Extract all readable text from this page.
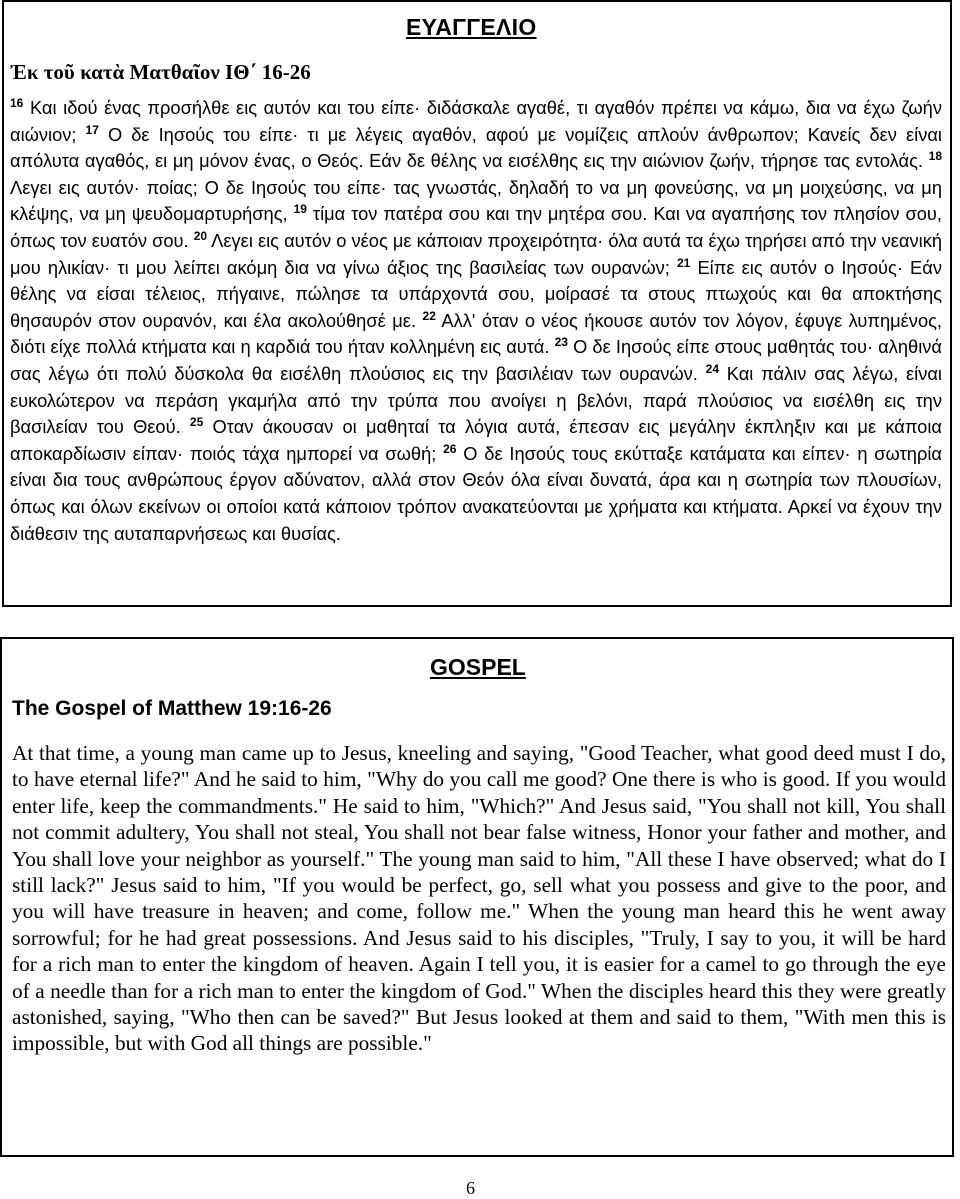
ΕΥΑΓΓΕΛΙΟ
Ἐκ τοῦ κατὰ Ματθαῖον ΙΘ΄ 16-26
$^{16}$ Και ιδού ένας προσήλθε εις αυτόν και του είπε· διδάσκαλε αγαθέ, τι αγαθόν πρέπει να κάμω, δια να έχω ζωήν αιώνιον; $^{17}$ Ο δε Ιησούς του είπε· τι με λέγεις αγαθόν, αφού με νομίζεις απλούν άνθρωπον; Κανείς δεν είναι απόλυτα αγαθός, ει μη μόνον ένας, ο Θεός. Εάν δε θέλης να εισέλθης εις την αιώνιον ζωήν, τήρησε τας εντολάς. $^{18}$ Λεγει εις αυτόν· ποίας; Ο δε Ιησούς του είπε· τας γνωστάς, δηλαδή το να μη φονεύσης, να μη μοιχεύσης, να μη κλέψης, να μη ψευδομαρτυρήσης, $^{19}$ τίμα τον πατέρα σου και την μητέρα σου. Και να αγαπήσης τον πλησίον σου, όπως τον ευατόν σου. $^{20}$ Λεγει εις αυτόν ο νέος με κάποιαν προχειρότητα· όλα αυτά τα έχω τηρήσει από την νεανική μου ηλικίαν· τι μου λείπει ακόμη δια να γίνω άξιος της βασιλείας των ουρανών; $^{21}$ Είπε εις αυτόν ο Ιησούς· Εάν θέλης να είσαι τέλειος, πήγαινε, πώλησε τα υπάρχοντά σου, μοίρασέ τα στους πτωχούς και θα αποκτήσης θησαυρόν στον ουρανόν, και έλα ακολούθησέ με. $^{22}$ Αλλ' όταν ο νέος ήκουσε αυτόν τον λόγον, έφυγε λυπημένος, διότι είχε πολλά κτήματα και η καρδιά του ήταν κολλημένη εις αυτά. $^{23}$ Ο δε Ιησούς είπε στους μαθητάς του· αληθινά σας λέγω ότι πολύ δύσκολα θα εισέλθη πλούσιος εις την βασιλέιαν των ουρανών. $^{24}$ Και πάλιν σας λέγω, είναι ευκολώτερον να περάση γκαμήλα από την τρύπα που ανοίγει η βελόνι, παρά πλούσιος να εισέλθη εις την βασιλείαν του Θεού. $^{25}$ Οταν άκουσαν οι μαθηταί τα λόγια αυτά, έπεσαν εις μεγάλην έκπληξιν και με κάποια αποκαρδίωσιν είπαν· ποιός τάχα ημπορεί να σωθή; $^{26}$ Ο δε Ιησούς τους εκύτταξε κατάματα και είπεν· η σωτηρία είναι δια τους ανθρώπους έργον αδύνατον, αλλά στον Θεόν όλα είναι δυνατά, άρα και η σωτηρία των πλουσίων, όπως και όλων εκείνων οι οποίοι κατά κάποιον τρόπον ανακατεύονται με χρήματα και κτήματα. Αρκεί να έχουν την διάθεσιν της αυταπαρνήσεως και θυσίας.
GOSPEL
The Gospel of Matthew 19:16-26
At that time, a young man came up to Jesus, kneeling and saying, "Good Teacher, what good deed must I do, to have eternal life?" And he said to him, "Why do you call me good? One there is who is good. If you would enter life, keep the commandments." He said to him, "Which?" And Jesus said, "You shall not kill, You shall not commit adultery, You shall not steal, You shall not bear false witness, Honor your father and mother, and You shall love your neighbor as yourself." The young man said to him, "All these I have observed; what do I still lack?" Jesus said to him, "If you would be perfect, go, sell what you possess and give to the poor, and you will have treasure in heaven; and come, follow me." When the young man heard this he went away sorrowful; for he had great possessions. And Jesus said to his disciples, "Truly, I say to you, it will be hard for a rich man to enter the kingdom of heaven. Again I tell you, it is easier for a camel to go through the eye of a needle than for a rich man to enter the kingdom of God." When the disciples heard this they were greatly astonished, saying, "Who then can be saved?" But Jesus looked at them and said to them, "With men this is impossible, but with God all things are possible."
6
